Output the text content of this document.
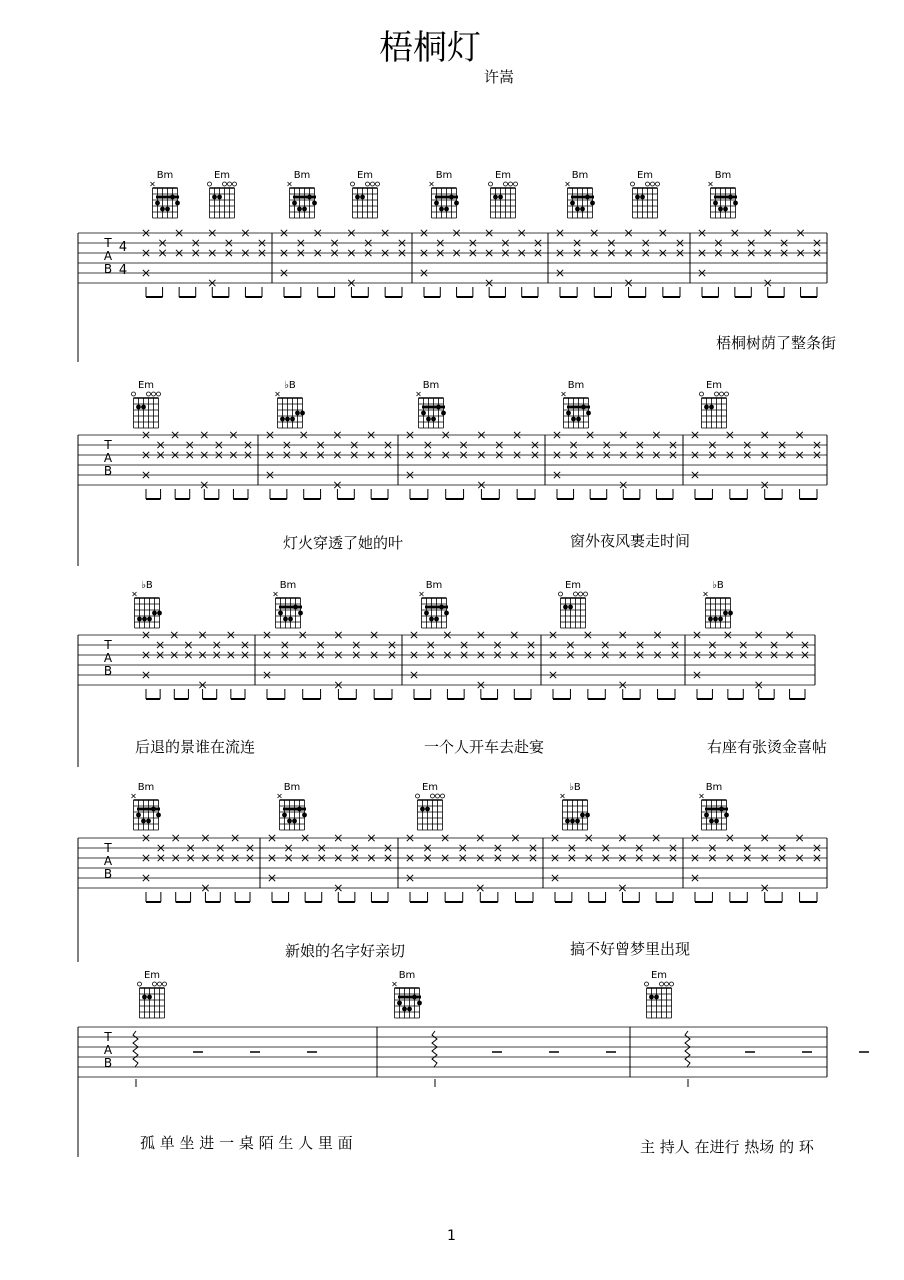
梧桐灯
许嵩
T
A
B
4
4
Bm	Em	Bm	Em	Bm	Em	Bm	Em	Bm
T
A
B
Em	♭B	Bm	Bm	Em
T
A
B
♭B	Bm	Bm	Em	♭B
T
A
B
Bm	Bm	Em	♭B	Bm
T
A
B
Em	Bm	Em
梧桐树荫了整条街
灯火穿透了她的叶	窗外夜风裹走时间
后退的景谁在流连	一个人开车去赴宴	右座有张烫金喜帖
新娘的名字好亲切	搞不好曾梦里出现
孤 单 坐 进 一 桌 陌 生 人 里 面	主 持人 在进行 热场 的 环
1
